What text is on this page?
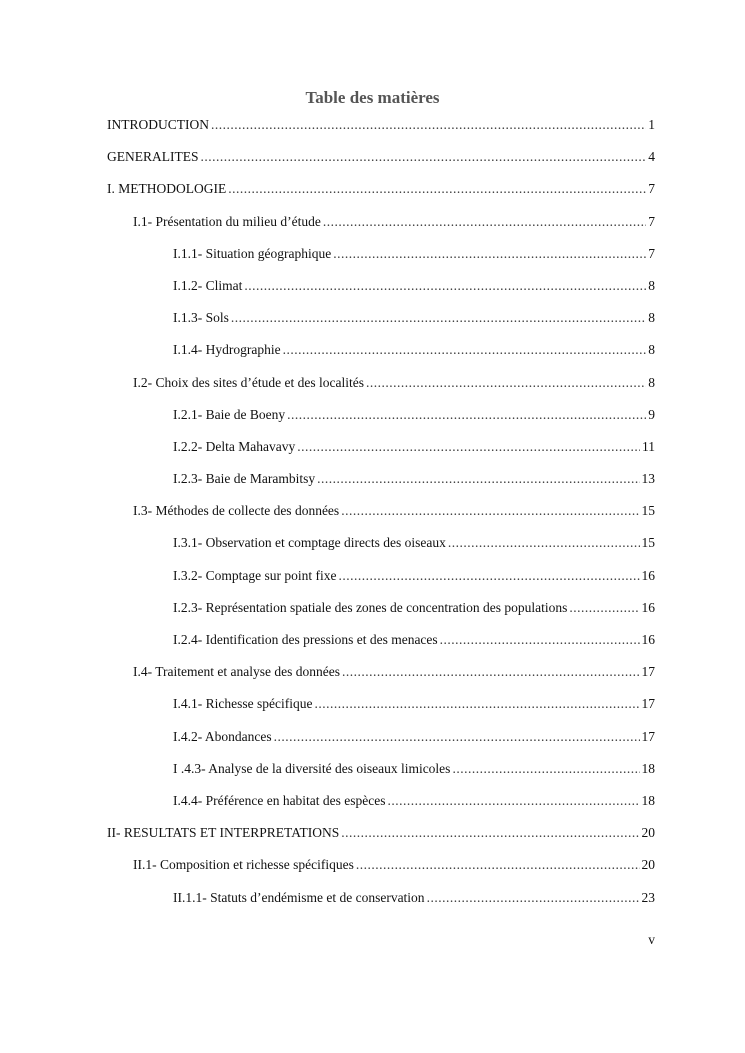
Table des matières
INTRODUCTION .....	1
GENERALITES .....	4
I. METHODOLOGIE .....	7
I.1- Présentation du milieu d’étude .....	7
I.1.1- Situation géographique .....	7
I.1.2- Climat .....	8
I.1.3- Sols .....	8
I.1.4- Hydrographie .....	8
I.2- Choix des sites d’étude et des localités .....	8
I.2.1- Baie de Boeny .....	9
I.2.2- Delta Mahavavy .....	11
I.2.3- Baie de Marambitsy .....	13
I.3- Méthodes de collecte des données .....	15
I.3.1- Observation et comptage directs des oiseaux .....	15
I.3.2- Comptage sur point fixe .....	16
I.2.3- Représentation spatiale des zones de concentration des populations .....	16
I.2.4- Identification des pressions et des menaces .....	16
I.4- Traitement et analyse des données .....	17
I.4.1- Richesse spécifique .....	17
I.4.2- Abondances .....	17
I .4.3- Analyse de la diversité des oiseaux limicoles .....	18
I.4.4- Préférence en habitat des espèces .....	18
II- RESULTATS ET INTERPRETATIONS .....	20
II.1- Composition et richesse spécifiques .....	20
II.1.1- Statuts d’endémisme et de conservation .....	23
v
